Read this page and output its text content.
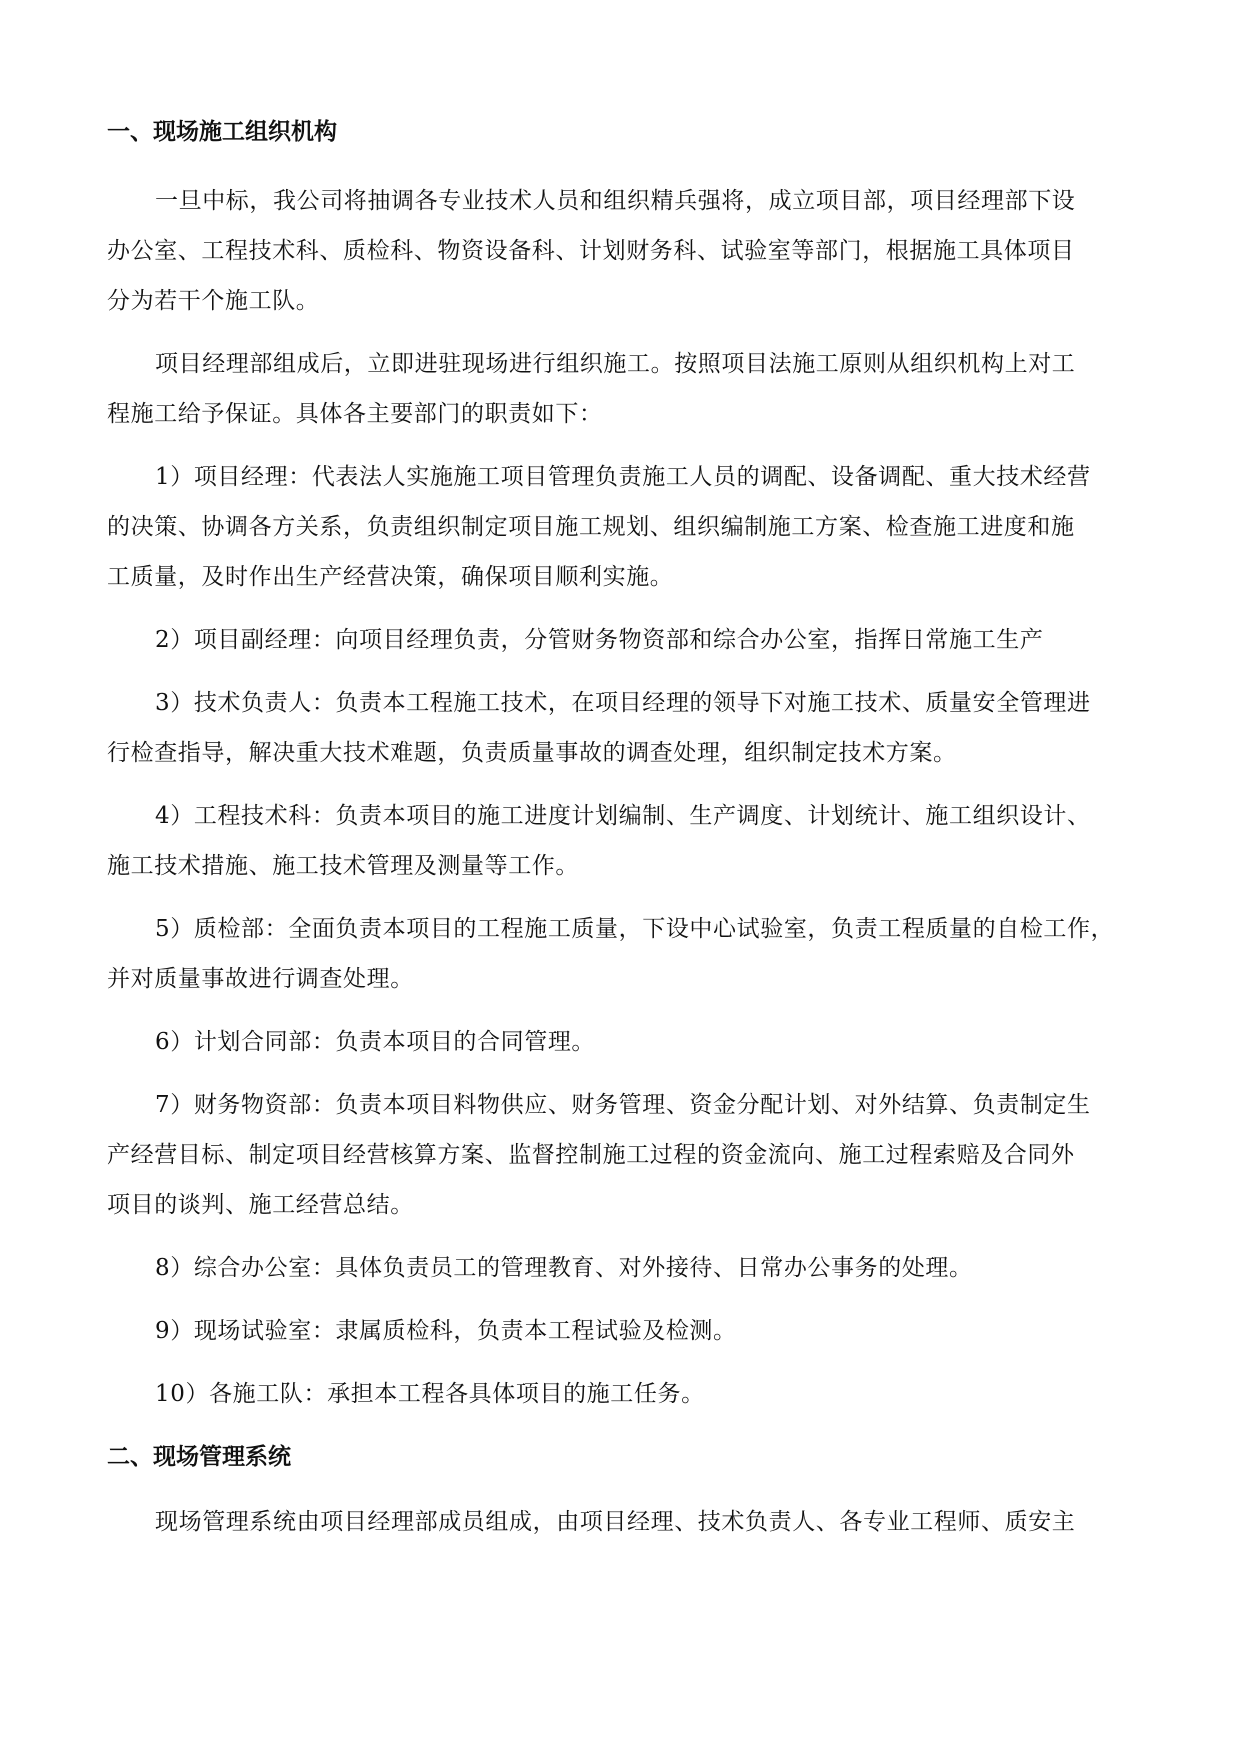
一、现场施工组织机构

一旦中标，我公司将抽调各专业技术人员和组织精兵强将，成立项目部，项目经理部下设
办公室、工程技术科、质检科、物资设备科、计划财务科、试验室等部门，根据施工具体项目
分为若干个施工队。

项目经理部组成后，立即进驻现场进行组织施工。按照项目法施工原则从组织机构上对工
程施工给予保证。具体各主要部门的职责如下：

1）项目经理：代表法人实施施工项目管理负责施工人员的调配、设备调配、重大技术经营
的决策、协调各方关系，负责组织制定项目施工规划、组织编制施工方案、检查施工进度和施
工质量，及时作出生产经营决策，确保项目顺利实施。

2）项目副经理：向项目经理负责，分管财务物资部和综合办公室，指挥日常施工生产

3）技术负责人：负责本工程施工技术，在项目经理的领导下对施工技术、质量安全管理进
行检查指导，解决重大技术难题，负责质量事故的调查处理，组织制定技术方案。

4）工程技术科：负责本项目的施工进度计划编制、生产调度、计划统计、施工组织设计、
施工技术措施、施工技术管理及测量等工作。

5）质检部：全面负责本项目的工程施工质量，下设中心试验室，负责工程质量的自检工作，
并对质量事故进行调查处理。

6）计划合同部：负责本项目的合同管理。

7）财务物资部：负责本项目料物供应、财务管理、资金分配计划、对外结算、负责制定生
产经营目标、制定项目经营核算方案、监督控制施工过程的资金流向、施工过程索赔及合同外
项目的谈判、施工经营总结。

8）综合办公室：具体负责员工的管理教育、对外接待、日常办公事务的处理。

9）现场试验室：隶属质检科，负责本工程试验及检测。

10）各施工队：承担本工程各具体项目的施工任务。

二、现场管理系统

现场管理系统由项目经理部成员组成，由项目经理、技术负责人、各专业工程师、质安主
